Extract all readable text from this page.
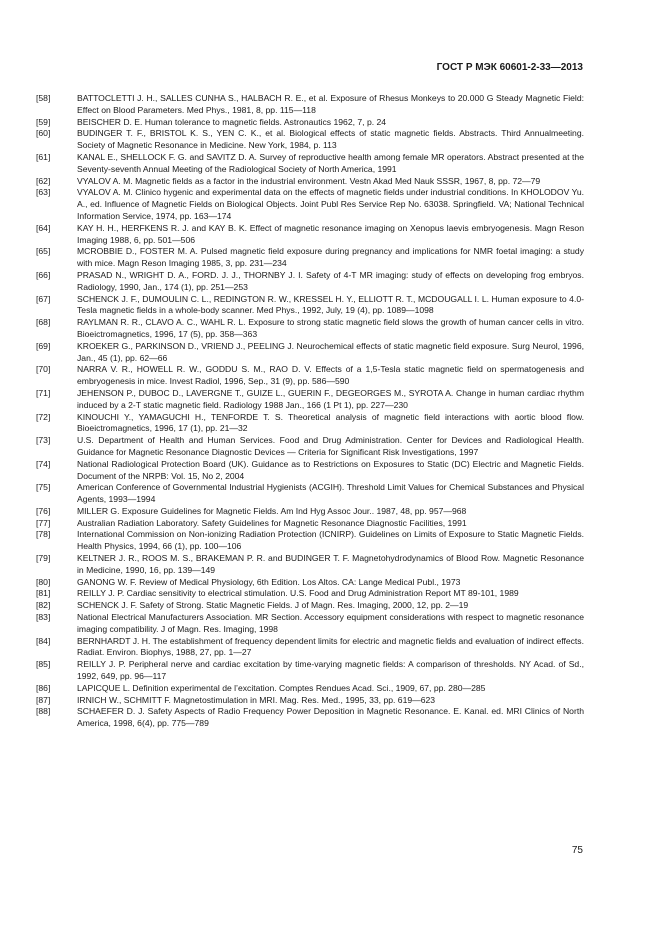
ГОСТ Р МЭК 60601-2-33—2013
[58]	BATTOCLETTI J. H., SALLES CUNHA S., HALBACH R. E., et al. Exposure of Rhesus Monkeys to 20.000 G Steady Magnetic Field: Effect on Blood Parameters. Med Phys., 1981, 8, pp. 115—118
[59]	BEISCHER D. E. Human tolerance to magnetic fields. Astronautics 1962, 7, p. 24
[60]	BUDINGER T. F., BRISTOL K. S., YEN C. K., et al. Biological effects of static magnetic fields. Abstracts. Third Annualmeeting. Society of Magnetic Resonance in Medicine. New York, 1984, p. 113
[61]	KANAL E., SHELLOCK F. G. and SAVITZ D. A. Survey of reproductive health among female MR operators. Abstract presented at the Seventy-seventh Annual Meeting of the Radiological Society of North America, 1991
[62]	VYALOV A. M. Magnetic fields as a factor in the industrial environment. Vestn Akad Med Nauk SSSR, 1967, 8, pp. 72—79
[63]	VYALOV A. M. Clinico hygenic and experimental data on the effects of magnetic fields under industrial conditions. In KHOLODOV Yu. A., ed. Influence of Magnetic Fields on Biological Objects. Joint Publ Res Service Rep No. 63038. Springfield. VA; National Technical Information Service, 1974, pp. 163—174
[64]	KAY H. H., HERFKENS R. J. and KAY B. K. Effect of magnetic resonance imaging on Xenopus laevis embryogenesis. Magn Reson Imaging 1988, 6, pp. 501—506
[65]	MCROBBIE D., FOSTER M. A. Pulsed magnetic field exposure during pregnancy and implications for NMR foetal imaging: a study with mice. Magn Reson Imaging 1985, 3, pp. 231—234
[66]	PRASAD N., WRIGHT D. A., FORD. J. J., THORNBY J. I. Safety of 4-T MR imaging: study of effects on developing frog embryos. Radiology, 1990, Jan., 174 (1), pp. 251—253
[67]	SCHENCK J. F., DUMOULIN C. L., REDINGTON R. W., KRESSEL H. Y., ELLIOTT R. T., MCDOUGALL I. L. Human exposure to 4.0-Tesla magnetic fields in a whole-body scanner. Med Phys., 1992, July, 19 (4), pp. 1089—1098
[68]	RAYLMAN R. R., CLAVO A. C., WAHL R. L. Exposure to strong static magnetic field slows the growth of human cancer cells in vitro. Bioeictromagnetics, 1996, 17 (5), pp. 358—363
[69]	KROEKER G., PARKINSON D., VRIEND J., PEELING J. Neurochemical effects of static magnetic field exposure. Surg Neurol, 1996, Jan., 45 (1), pp. 62—66
[70]	NARRA V. R., HOWELL R. W., GODDU S. M., RAO D. V. Effects of a 1,5-Tesla static magnetic field on spermatogenesis and embryogenesis in mice. Invest Radiol, 1996, Sep., 31 (9), pp. 586—590
[71]	JEHENSON P., DUBOC D., LAVERGNE T., GUIZE L., GUERIN F., DEGEORGES M., SYROTA A. Change in human cardiac rhythm induced by a 2-T static magnetic field. Radiology 1988 Jan., 166 (1 Pt 1), pp. 227—230
[72]	KINOUCHI Y., YAMAGUCHI H., TENFORDE T. S. Theoretical analysis of magnetic field interactions with aortic blood flow. Bioeictromagnetics, 1996, 17 (1), pp. 21—32
[73]	U.S. Department of Health and Human Services. Food and Drug Administration. Center for Devices and Radiological Health. Guidance for Magnetic Resonance Diagnostic Devices — Criteria for Significant Risk Investigations, 1997
[74]	National Radiological Protection Board (UK). Guidance as to Restrictions on Exposures to Static (DC) Electric and Magnetic Fields. Document of the NRPB: Vol. 15, No 2, 2004
[75]	American Conference of Governmental Industrial Hygienists (ACGIH). Threshold Limit Values for Chemical Substances and Physical Agents, 1993—1994
[76]	MILLER G. Exposure Guidelines for Magnetic Fields. Am Ind Hyg Assoc Jour.. 1987, 48, pp. 957—968
[77]	Australian Radiation Laboratory. Safety Guidelines for Magnetic Resonance Diagnostic Facilities, 1991
[78]	International Commission on Non-ionizing Radiation Protection (ICNIRP). Guidelines on Limits of Exposure to Static Magnetic Fields. Health Physics, 1994, 66 (1), pp. 100—106
[79]	KELTNER J. R., ROOS M. S., BRAKEMAN P. R. and BUDINGER T. F. Magnetohydrodynamics of Blood Row. Magnetic Resonance in Medicine, 1990, 16, pp. 139—149
[80]	GANONG W. F. Review of Medical Physiology, 6th Edition. Los Altos. CA: Lange Medical Publ., 1973
[81]	REILLY J. P. Cardiac sensitivity to electrical stimulation. U.S. Food and Drug Administration Report MT 89-101, 1989
[82]	SCHENCK J. F. Safety of Strong. Static Magnetic Fields. J of Magn. Res. Imaging, 2000, 12, pp. 2—19
[83]	National Electrical Manufacturers Association. MR Section. Accessory equipment considerations with respect to magnetic resonance imaging compatibility. J of Magn. Res. Imaging, 1998
[84]	BERNHARDT J. H. The establishment of frequency dependent limits for electric and magnetic fields and evaluation of indirect effects. Radiat. Environ. Biophys, 1988, 27, pp. 1—27
[85]	REILLY J. P. Peripheral nerve and cardiac excitation by time-varying magnetic fields: A comparison of thresholds. NY Acad. of Sd., 1992, 649, pp. 96—117
[86]	LAPICQUE L. Definition experimental de l’excitation. Comptes Rendues Acad. Sci., 1909, 67, pp. 280—285
[87]	IRNICH W., SCHMITT F. Magnetostimulation in MRI. Mag. Res. Med., 1995, 33, pp. 619—623
[88]	SCHAEFER D. J. Safety Aspects of Radio Frequency Power Deposition in Magnetic Resonance. E. Kanal. ed. MRI Clinics of North America, 1998, 6(4), pp. 775—789
75
